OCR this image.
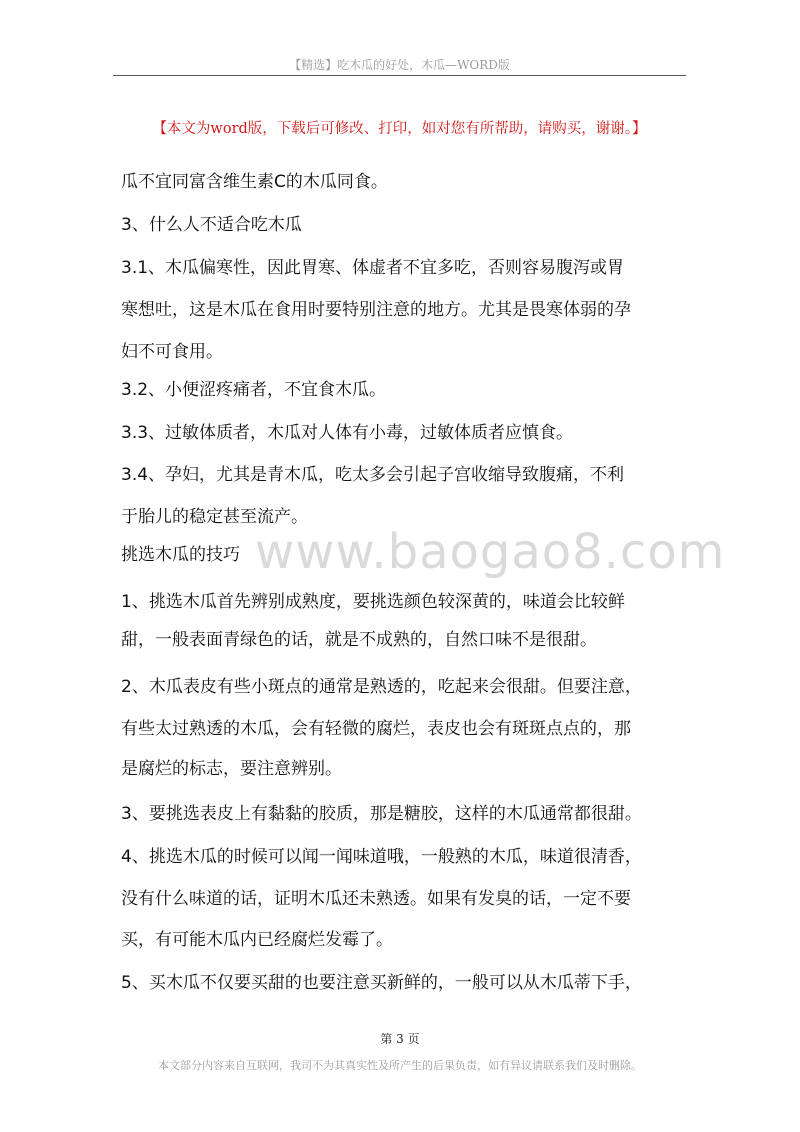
【精选】吃木瓜的好处，木瓜—WORD版
【本文为word版，下载后可修改、打印，如对您有所帮助，请购买，谢谢。】
www.baogao8.com
瓜不宜同富含维生素C的木瓜同食。
3、什么人不适合吃木瓜
3.1、木瓜偏寒性，因此胃寒、体虚者不宜多吃，否则容易腹泻或胃
寒想吐，这是木瓜在食用时要特别注意的地方。尤其是畏寒体弱的孕
妇不可食用。
3.2、小便涩疼痛者，不宜食木瓜。
3.3、过敏体质者，木瓜对人体有小毒，过敏体质者应慎食。
3.4、孕妇，尤其是青木瓜，吃太多会引起子宫收缩导致腹痛，不利
于胎儿的稳定甚至流产。
挑选木瓜的技巧
1、挑选木瓜首先辨别成熟度，要挑选颜色较深黄的，味道会比较鲜
甜，一般表面青绿色的话，就是不成熟的，自然口味不是很甜。
2、木瓜表皮有些小斑点的通常是熟透的，吃起来会很甜。但要注意，
有些太过熟透的木瓜，会有轻微的腐烂，表皮也会有斑斑点点的，那
是腐烂的标志，要注意辨别。
3、要挑选表皮上有黏黏的胶质，那是糖胶，这样的木瓜通常都很甜。
4、挑选木瓜的时候可以闻一闻味道哦，一般熟的木瓜，味道很清香，
没有什么味道的话，证明木瓜还未熟透。如果有发臭的话，一定不要
买，有可能木瓜内已经腐烂发霉了。
5、买木瓜不仅要买甜的也要注意买新鲜的，一般可以从木瓜蒂下手，
第 3 页
本文部分内容来自互联网，我司不为其真实性及所产生的后果负责，如有异议请联系我们及时删除。
